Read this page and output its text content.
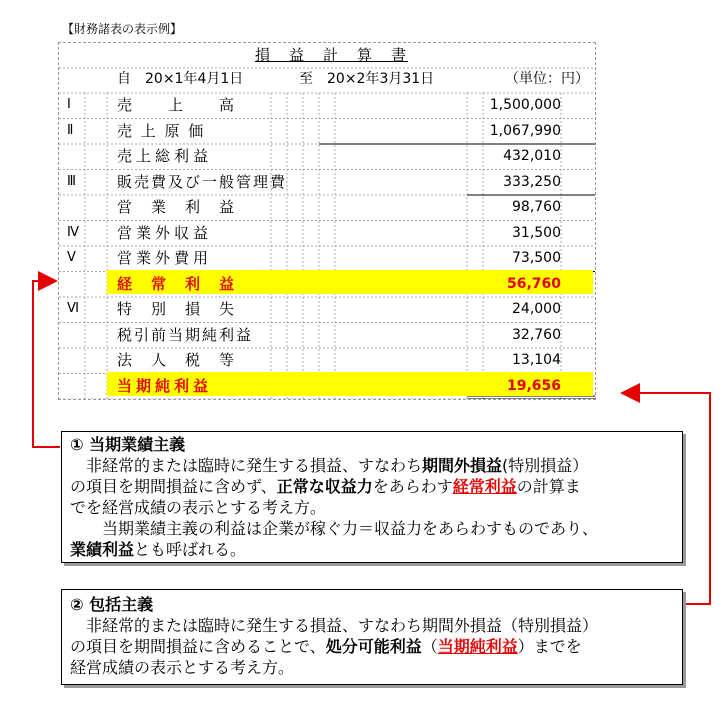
【財務諸表の表示例】
損　益　計　算　書
自　20×1年4月1日	至　20×2年3月31日	（単位：円）
Ⅰ	売　　上　　高	1,500,000
Ⅱ	売 上 原 価	1,067,990
売上総利益	432,010
Ⅲ	販売費及び一般管理費	333,250
営　業　利　益	98,760
Ⅳ	営業外収益	31,500
Ⅴ	営業外費用	73,500
経　常　利　益	56,760
Ⅵ	特　別　損　失	24,000
税引前当期純利益	32,760
法　人　税　等	13,104
当期純利益	19,656

① 当期業績主義

　非経常的または臨時に発生する損益、すなわち期間外損益(特別損益）

の項目を期間損益に含めず、正常な収益力をあらわす経常利益の計算ま

でを経営成績の表示とする考え方。

　　当期業績主義の利益は企業が稼ぐ力＝収益力をあらわすものであり、

業績利益とも呼ばれる。

② 包括主義

　非経常的または臨時に発生する損益、すなわち期間外損益（特別損益）

の項目を期間損益に含めることで、処分可能利益（当期純利益）までを

経営成績の表示とする考え方。
